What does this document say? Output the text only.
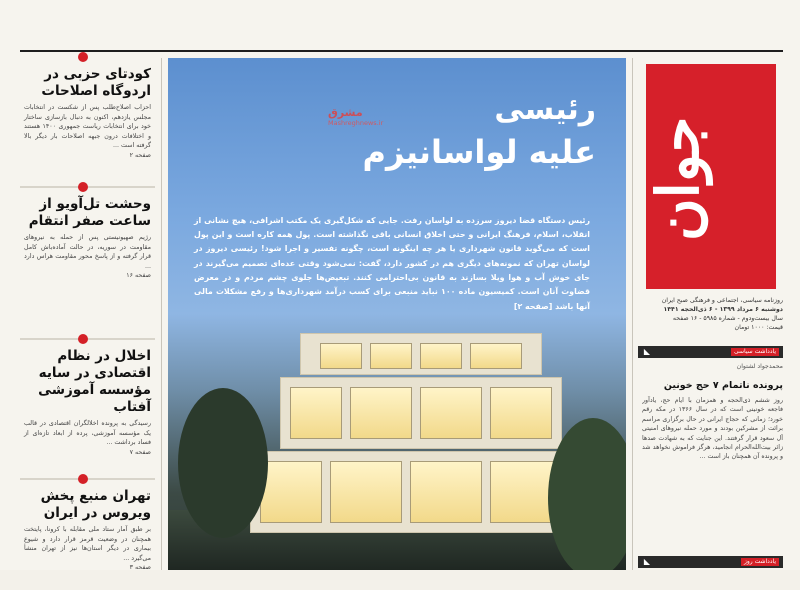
کودتای حزبی در اردوگاه اصلاحات

احزاب اصلاح‌طلب پس از شکست در انتخابات مجلس یازدهم، اکنون به دنبال بازسازی ساختار خود برای انتخابات ریاست جمهوری ۱۴۰۰ هستند و اختلافات درون جبهه اصلاحات بار دیگر بالا گرفته است ...

صفحه ۲

وحشت‌ تل‌آویو از ساعت صفر انتقام

رژیم صهیونیستی پس از حمله به نیروهای مقاومت در سوریه، در حالت آماده‌باش کامل قرار گرفته و از پاسخ محور مقاومت هراس دارد ...

صفحه ۱۶

اخلال در نظام اقتصادی در سایه مؤسسه آموزشی آفتاب

رسیدگی به پرونده اخلالگران اقتصادی در قالب یک مؤسسه آموزشی، پرده از ابعاد تازه‌ای از فساد برداشت ...

صفحه ۷

تهران منبع پخش ویروس در ایران

بر طبق آمار ستاد ملی مقابله با کرونا، پایتخت همچنان در وضعیت قرمز قرار دارد و شیوع بیماری در دیگر استان‌ها نیز از تهران منشأ می‌گیرد ...

صفحه ۳

رئیسی
علیه لواسانیزم
مشرق
Mashreghnews.ir

رئیس دستگاه قضا دیروز سرزده به لواسان رفت. جایی که شکل‌گیری یک مکتب اشرافی، هیچ نشانی از انقلاب، اسلام، فرهنگ ایرانی و حتی اخلاق انسانی باقی نگذاشته است. پول همه کاره است و این پول است که می‌گوید قانون شهرداری یا هر چه اینگونه است، چگونه تفسیر و اجرا شود! رئیسی دیروز در لواسان تهران که نمونه‌های دیگری هم در کشور دارد، گفت: نمی‌شود وقتی عده‌ای تصمیم می‌گیرند در جای خوش آب و هوا ویلا بسازند به قانون بی‌احترامی کنند. تبعیض‌ها جلوی چشم مردم و در معرض قضاوت آنان است. کمیسیون ماده ۱۰۰ نباید منبعی برای کسب درآمد شهرداری‌ها و رفع مشکلات مالی آنها باشد [صفحه ۲]

جوان
روزنامه سیاسی، اجتماعی و فرهنگی صبح ایران
دوشنبه ۶ مرداد ۱۳۹۹ - ۶ ذی‌الحجه ۱۴۴۱
سال بیست‌ودوم - شماره ۵۹۸۵ - ۱۶ صفحه
قیمت: ۱۰۰۰ تومان
یادداشت سیاسی
◣
محمدجواد لشتوان
پرونده ناتمام ۷ حج خونین
روز ششم ذی‌الحجه و همزمان با ایام حج، یادآور فاجعه خونینی است که در سال ۱۳۶۶ در مکه رقم خورد؛ زمانی که حجاج ایرانی در حال برگزاری مراسم برائت از مشرکین بودند و مورد حمله نیروهای امنیتی آل سعود قرار گرفتند. این جنایت که به شهادت صدها زائر بیت‌الله‌الحرام انجامید، هرگز فراموش نخواهد شد و پرونده آن همچنان باز است ...
یادداشت روز
◣
